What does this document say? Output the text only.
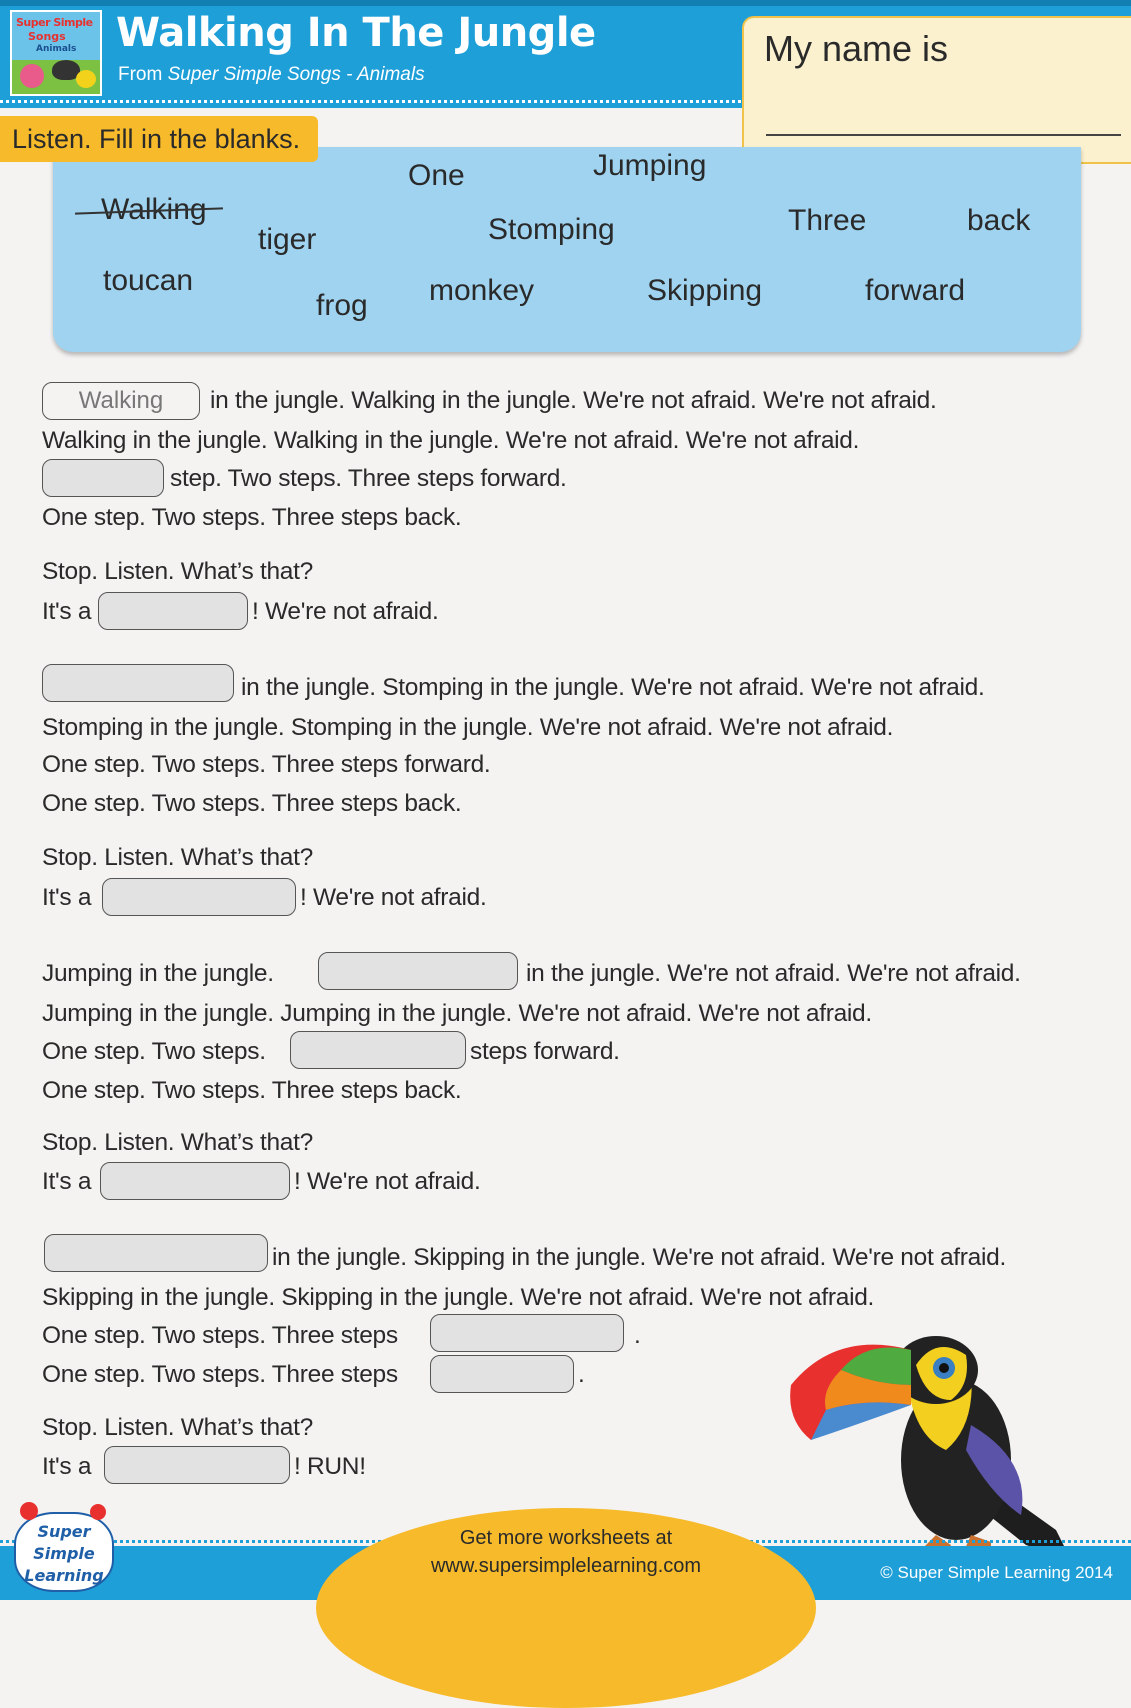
Super Simple
Songs
Animals Walking In The Jungle
From Super Simple Songs - Animals
My name is
Walking
One	Jumping
tiger	Stomping	Three	back
toucan
frog monkey	Skipping	forward
Listen. Fill in the blanks.
Walking	in the jungle. Walking in the jungle. We're not afraid. We're not afraid.
Walking in the jungle. Walking in the jungle. We're not afraid. We're not afraid.
step. Two steps. Three steps forward.
One step. Two steps. Three steps back.
Stop. Listen. What’s that?
It's a	! We're not afraid.
in the jungle. Stomping in the jungle. We're not afraid. We're not afraid.
Stomping in the jungle. Stomping in the jungle. We're not afraid. We're not afraid.
One step. Two steps. Three steps forward.
One step. Two steps. Three steps back.
Stop. Listen. What’s that?
It's a	! We're not afraid.
Jumping in the jungle.	in the jungle. We're not afraid. We're not afraid.
Jumping in the jungle. Jumping in the jungle. We're not afraid. We're not afraid.
One step. Two steps.	steps forward.
One step. Two steps. Three steps back.
Stop. Listen. What’s that?
It's a	! We're not afraid.
in the jungle. Skipping in the jungle. We're not afraid. We're not afraid.
Skipping in the jungle. Skipping in the jungle. We're not afraid. We're not afraid.
One step. Two steps. Three steps	.
One step. Two steps. Three steps	.
Stop. Listen. What’s that?
It's a	! RUN!
Get more worksheets at
www.supersimplelearning.com	© Super Simple Learning 2014
Super
Simple
Learning
